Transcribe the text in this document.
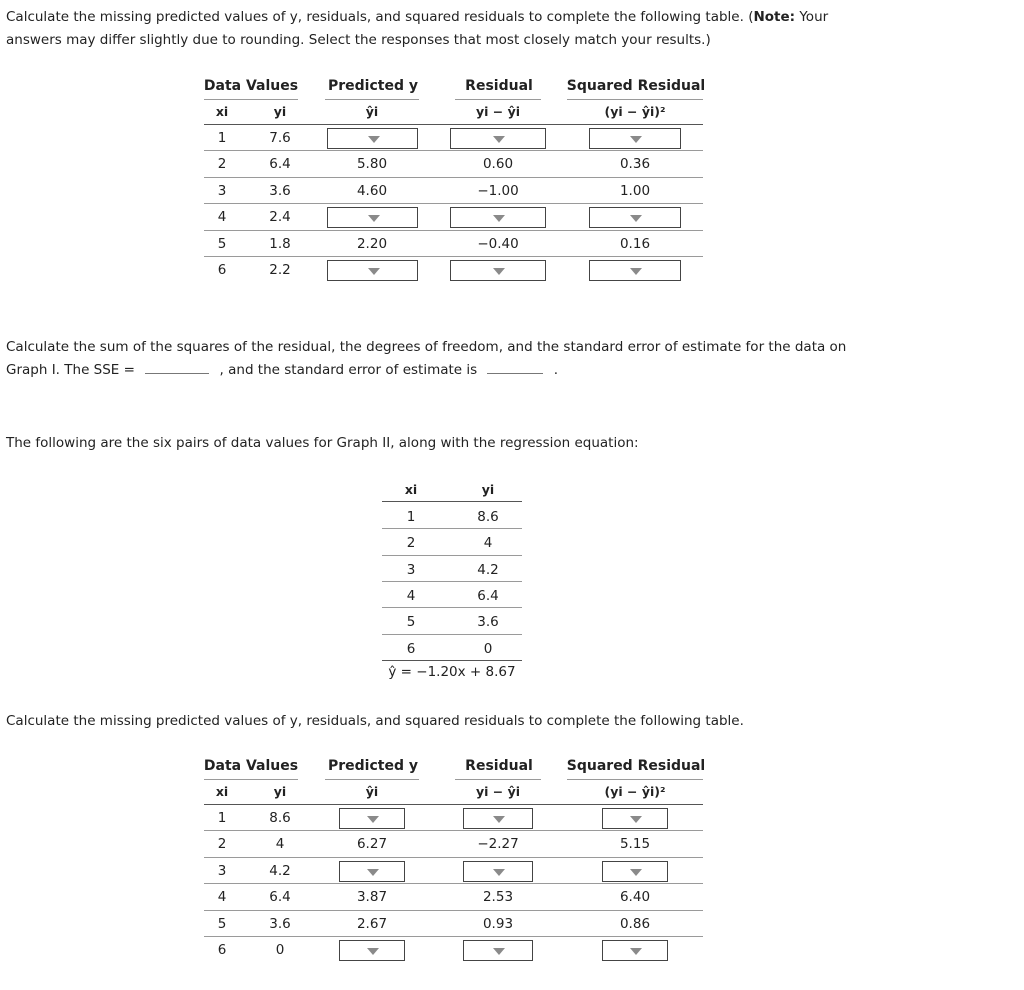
Calculate the missing predicted values of y, residuals, and squared residuals to complete the following table. (Note: Your
answers may differ slightly due to rounding. Select the responses that most closely match your results.)
Data Values	Predicted y	Residual	Squared Residual
xi	yi	ŷi	yi − ŷi	(yi − ŷi)²
1	7.6
2	6.4	5.80	0.60	0.36
3	3.6	4.60	−1.00	1.00
4	2.4
5	1.8	2.20	−0.40	0.16
6	2.2
Calculate the sum of the squares of the residual, the degrees of freedom, and the standard error of estimate for the data on
Graph I. The SSE =	, and the standard error of estimate is	.
The following are the six pairs of data values for Graph II, along with the regression equation:
xi	yi
1	8.6
2	4
3	4.2
4	6.4
5	3.6
6	0
ŷ = −1.20x + 8.67
Calculate the missing predicted values of y, residuals, and squared residuals to complete the following table.
Data Values	Predicted y	Residual	Squared Residual
xi	yi	ŷi	yi − ŷi	(yi − ŷi)²
1	8.6
2	4	6.27	−2.27	5.15
3	4.2
4	6.4	3.87	2.53	6.40
5	3.6	2.67	0.93	0.86
6	0
